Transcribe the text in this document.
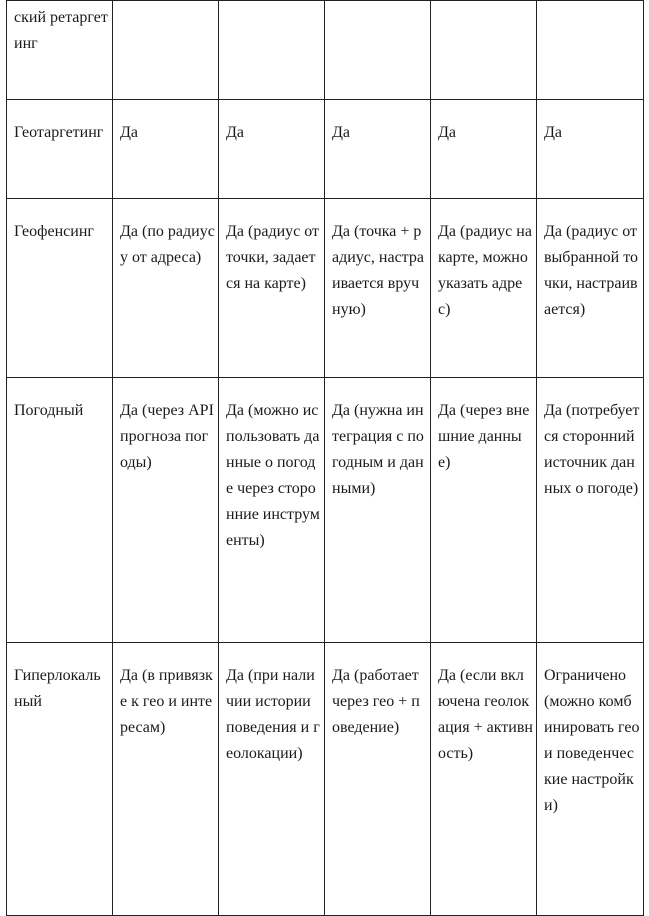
ский ретаргетинг					

Геотаргетинг	Да	Да	Да	Да	Да

Геофенсинг	Да (по радиусу от адреса)	Да (радиус от точки, задается на карте)	Да (точка + радиус, настраивается вручную)	Да (радиус на карте, можно указать адрес)	Да (радиус от выбранной точки, настраивается)

Погодный	Да (через API прогноза погоды)	Да (можно использовать данные о погоде через сторонние инструменты)	Да (нужна интеграция с погодным и данными)	Да (через внешние данные)	Да (потребуется сторонний источник данных о погоде)

Гиперлокальный	Да (в привязке к гео и интересам)	Да (при наличии истории поведения и геолокации)	Да (работает через гео + поведение)	Да (если включена геолокация + активность)	Ограничено (можно комбинировать гео и поведенческие настройки)
